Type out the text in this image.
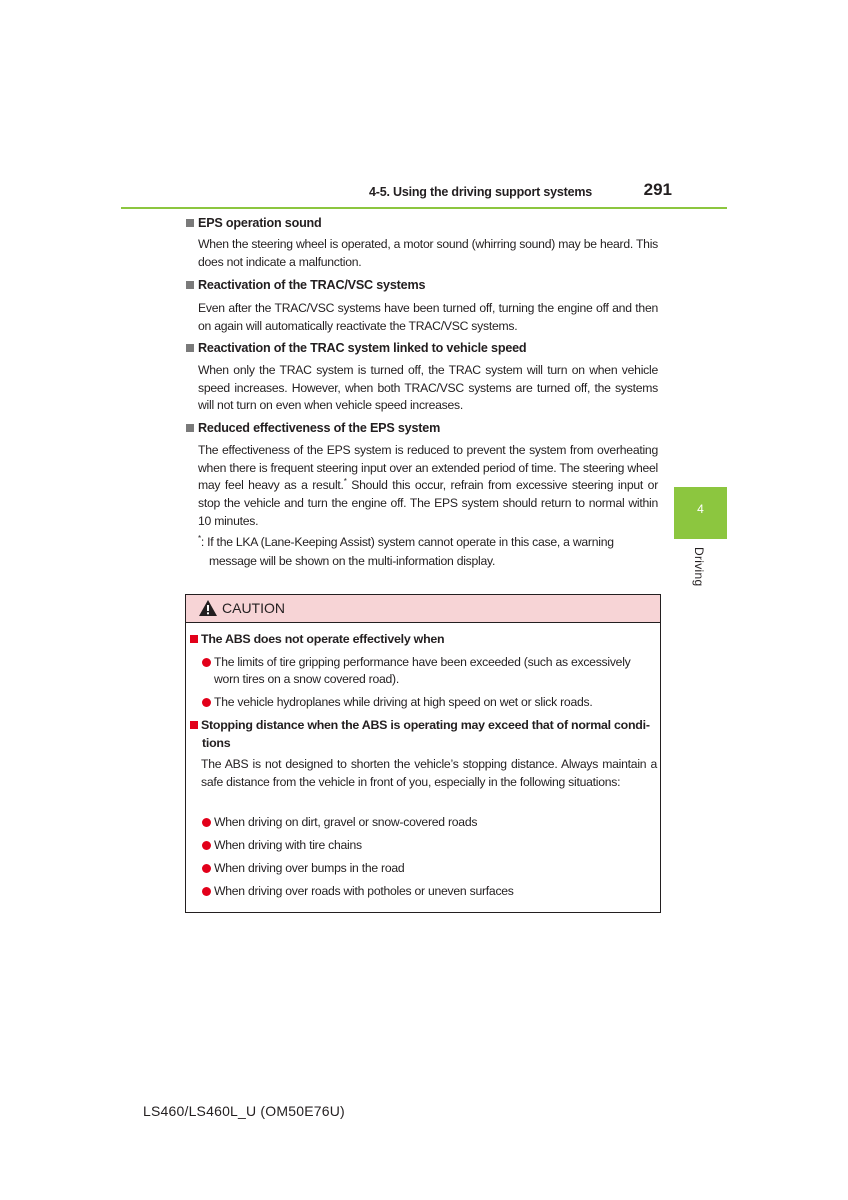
4-5. Using the driving support systems	291
4
Driving
EPS operation sound
When the steering wheel is operated, a motor sound (whirring sound) may be heard. This does not indicate a malfunction.
Reactivation of the TRAC/VSC systems
Even after the TRAC/VSC systems have been turned off, turning the engine off and then on again will automatically reactivate the TRAC/VSC systems.
Reactivation of the TRAC system linked to vehicle speed
When only the TRAC system is turned off, the TRAC system will turn on when vehicle speed increases. However, when both TRAC/VSC systems are turned off, the systems will not turn on even when vehicle speed increases.
Reduced effectiveness of the EPS system
The effectiveness of the EPS system is reduced to prevent the system from overheating when there is frequent steering input over an extended period of time. The steering wheel may feel heavy as a result.* Should this occur, refrain from excessive steering input or stop the vehicle and turn the engine off. The EPS system should return to normal within 10 minutes.
*: If the LKA (Lane-Keeping Assist) system cannot operate in this case, a warning
message will be shown on the multi-information display.
CAUTION
The ABS does not operate effectively when
The limits of tire gripping performance have been exceeded (such as excessively
worn tires on a snow covered road).
The vehicle hydroplanes while driving at high speed on wet or slick roads.
Stopping distance when the ABS is operating may exceed that of normal condi-
tions
The ABS is not designed to shorten the vehicle’s stopping distance. Always maintain a safe distance from the vehicle in front of you, especially in the following situations:
When driving on dirt, gravel or snow-covered roads
When driving with tire chains
When driving over bumps in the road
When driving over roads with potholes or uneven surfaces
LS460/LS460L_U (OM50E76U)
